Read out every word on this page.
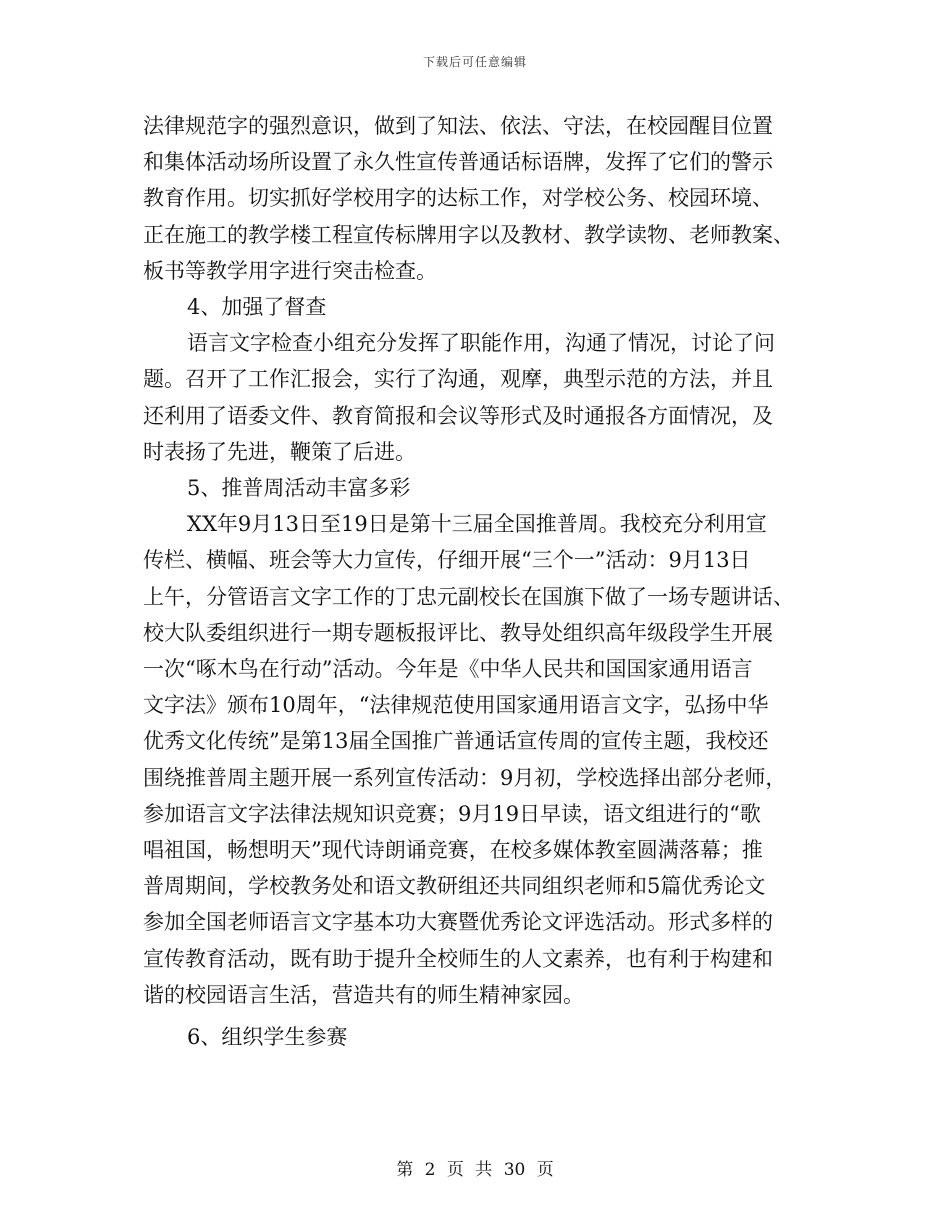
下载后可任意编辑
法律规范字的强烈意识，做到了知法、依法、守法，在校园醒目位置
和集体活动场所设置了永久性宣传普通话标语牌，发挥了它们的警示
教育作用。切实抓好学校用字的达标工作，对学校公务、校园环境、
正在施工的教学楼工程宣传标牌用字以及教材、教学读物、老师教案、
板书等教学用字进行突击检查。
4、加强了督查
语言文字检查小组充分发挥了职能作用，沟通了情况，讨论了问
题。召开了工作汇报会，实行了沟通，观摩，典型示范的方法，并且
还利用了语委文件、教育简报和会议等形式及时通报各方面情况，及
时表扬了先进，鞭策了后进。
5、推普周活动丰富多彩
XX年9月13日至19日是第十三届全国推普周。我校充分利用宣
传栏、横幅、班会等大力宣传，仔细开展“三个一”活动：9月13日
上午，分管语言文字工作的丁忠元副校长在国旗下做了一场专题讲话、
校大队委组织进行一期专题板报评比、教导处组织高年级段学生开展
一次“啄木鸟在行动”活动。今年是《中华人民共和国国家通用语言
文字法》颁布10周年，“法律规范使用国家通用语言文字，弘扬中华
优秀文化传统”是第13届全国推广普通话宣传周的宣传主题，我校还
围绕推普周主题开展一系列宣传活动：9月初，学校选择出部分老师，
参加语言文字法律法规知识竞赛；9月19日早读，语文组进行的“歌
唱祖国，畅想明天”现代诗朗诵竞赛，在校多媒体教室圆满落幕；推
普周期间，学校教务处和语文教研组还共同组织老师和5篇优秀论文
参加全国老师语言文字基本功大赛暨优秀论文评选活动。形式多样的
宣传教育活动，既有助于提升全校师生的人文素养，也有利于构建和
谐的校园语言生活，营造共有的师生精神家园。
6、组织学生参赛
第 2 页 共 30 页
